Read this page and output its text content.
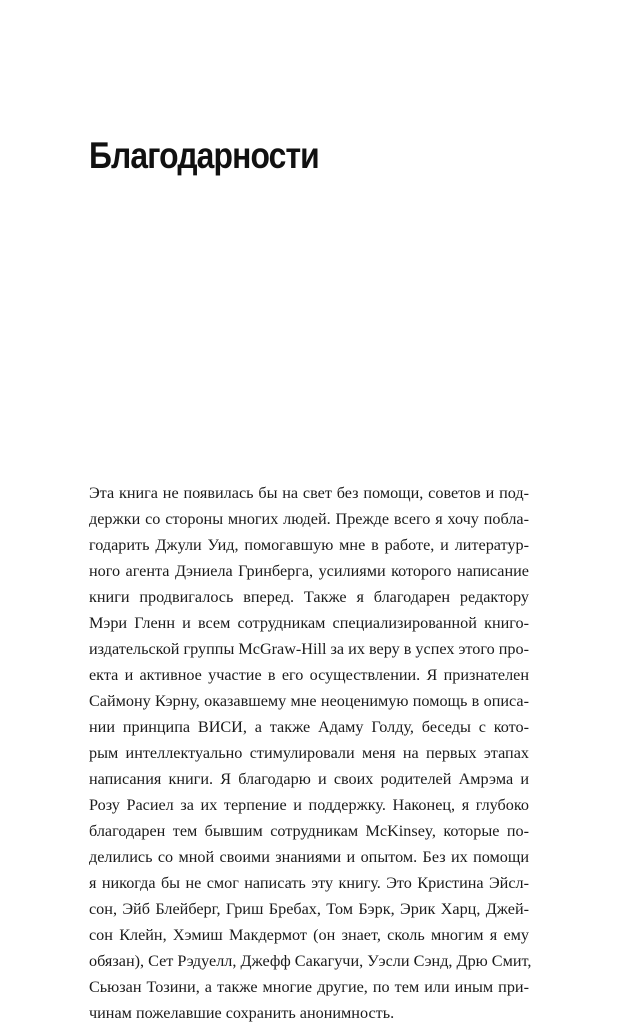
Благодарности
Эта книга не появилась бы на свет без помощи, советов и под-
держки со стороны многих людей. Прежде всего я хочу побла-
годарить Джули Уид, помогавшую мне в работе, и литератур-
ного агента Дэниела Гринберга, усилиями которого написание
книги продвигалось вперед. Также я благодарен редактору
Мэри Гленн и всем сотрудникам специализированной книго-
издательской группы McGraw-Hill за их веру в успех этого про-
екта и активное участие в его осуществлении. Я признателен
Саймону Кэрну, оказавшему мне неоценимую помощь в описа-
нии принципа ВИСИ, а также Адаму Голду, беседы с кото-
рым интеллектуально стимулировали меня на первых этапах
написания книги. Я благодарю и своих родителей Амрэма и
Розу Расиел за их терпение и поддержку. Наконец, я глубоко
благодарен тем бывшим сотрудникам McKinsey, которые по-
делились со мной своими знаниями и опытом. Без их помощи
я никогда бы не смог написать эту книгу. Это Кристина Эйсл-
сон, Эйб Блейберг, Гриш Бребах, Том Бэрк, Эрик Харц, Джей-
сон Клейн, Хэмиш Макдермот (он знает, сколь многим я ему
обязан), Сет Рэдуелл, Джефф Сакагучи, Уэсли Сэнд, Дрю Смит,
Сьюзан Тозини, а также многие другие, по тем или иным при-
чинам пожелавшие сохранить анонимность.
